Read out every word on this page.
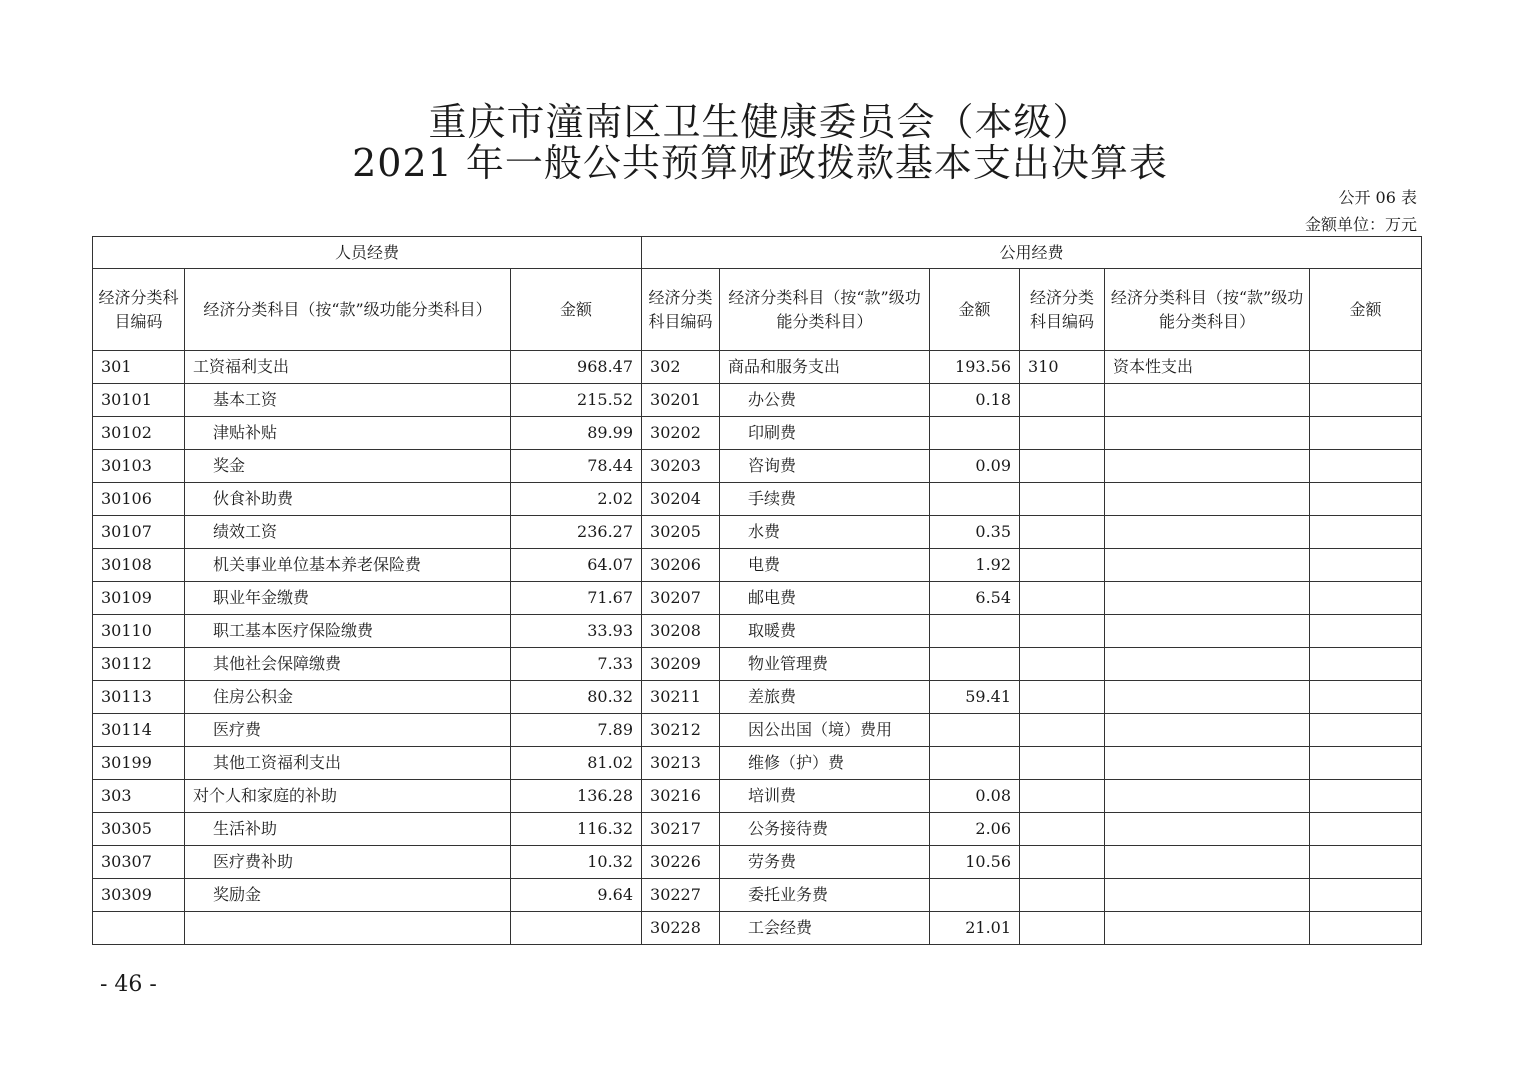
重庆市潼南区卫生健康委员会（本级）
2021 年一般公共预算财政拨款基本支出决算表
公开 06 表
金额单位：万元
人员经费			公用经费					
经济分类科目编码	经济分类科目（按“款”级功能分类科目）	金额	经济分类科目编码	经济分类科目（按“款”级功能分类科目）	金额	经济分类科目编码	经济分类科目（按“款”级功能分类科目）	金额
301	工资福利支出	968.47	302	商品和服务支出	193.56	310	资本性支出	
30101	基本工资	215.52	30201	办公费	0.18			
30102	津贴补贴	89.99	30202	印刷费				
30103	奖金	78.44	30203	咨询费	0.09			
30106	伙食补助费	2.02	30204	手续费				
30107	绩效工资	236.27	30205	水费	0.35			
30108	机关事业单位基本养老保险费	64.07	30206	电费	1.92			
30109	职业年金缴费	71.67	30207	邮电费	6.54			
30110	职工基本医疗保险缴费	33.93	30208	取暖费				
30112	其他社会保障缴费	7.33	30209	物业管理费				
30113	住房公积金	80.32	30211	差旅费	59.41			
30114	医疗费	7.89	30212	因公出国（境）费用				
30199	其他工资福利支出	81.02	30213	维修（护）费				
303	对个人和家庭的补助	136.28	30216	培训费	0.08			
30305	生活补助	116.32	30217	公务接待费	2.06			
30307	医疗费补助	10.32	30226	劳务费	10.56			
30309	奖励金	9.64	30227	委托业务费				
			30228	工会经费	21.01			
- 46 -
